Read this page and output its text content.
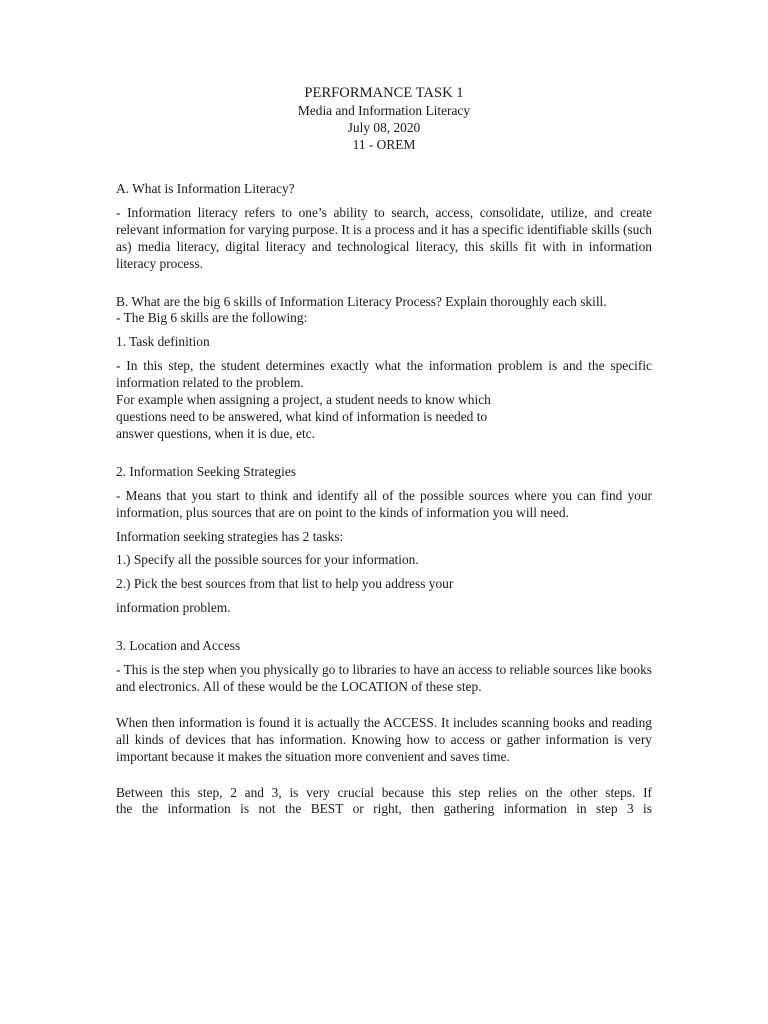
PERFORMANCE TASK 1
Media and Information Literacy
July 08, 2020
11 - OREM

A. What is Information Literacy?

- Information literacy refers to one’s ability to search, access, consolidate, utilize, and create relevant information for varying purpose. It is a process and it has a specific identifiable skills (such as) media literacy, digital literacy and technological literacy, this skills fit with in information literacy process.

B. What are the big 6 skills of Information Literacy Process? Explain thoroughly each skill.

- The Big 6 skills are the following:

1. Task definition

- In this step, the student determines exactly what the information problem is and the specific information related to the problem.

For example when assigning a project, a student needs to know which
questions need to be answered, what kind of information is needed to
answer questions, when it is due, etc.

2. Information Seeking Strategies

- Means that you start to think and identify all of the possible sources where you can find your information, plus sources that are on point to the kinds of information you will need.

Information seeking strategies has 2 tasks:

1.) Specify all the possible sources for your information.

2.) Pick the best sources from that list to help you address your

information problem.

3. Location and Access

- This is the step when you physically go to libraries to have an access to reliable sources like books and electronics. All of these would be the LOCATION of these step.

When then information is found it is actually the ACCESS. It includes scanning books and reading all kinds of devices that has information. Knowing how to access or gather information is very important because it makes the situation more convenient and saves time.

Between this step, 2 and 3, is very crucial because this step relies on the other steps. If
the the information is not the BEST or right, then gathering information in step 3 is
